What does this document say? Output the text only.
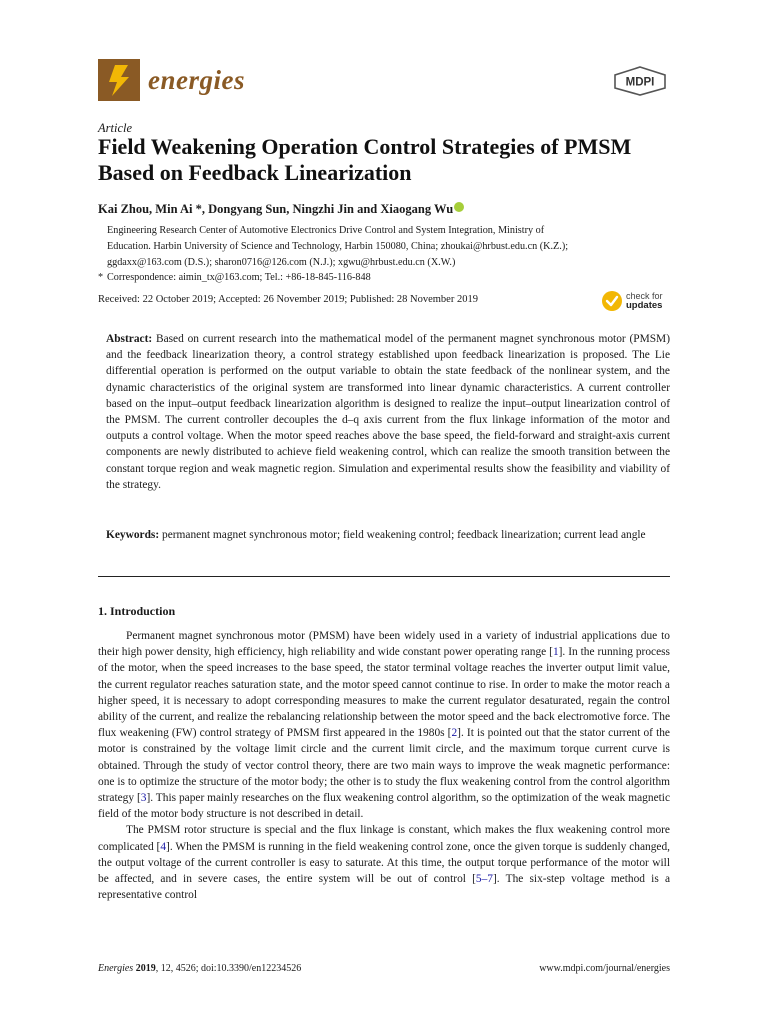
energies	MDPI
Article
Field Weakening Operation Control Strategies of PMSM Based on Feedback Linearization
Kai Zhou, Min Ai *, Dongyang Sun, Ningzhi Jin and Xiaogang Wu

Engineering Research Center of Automotive Electronics Drive Control and System Integration, Ministry of

Education. Harbin University of Science and Technology, Harbin 150080, China; zhoukai@hrbust.edu.cn (K.Z.);

ggdaxx@163.com (D.S.); sharon0716@126.com (N.J.); xgwu@hrbust.edu.cn (X.W.)

* Correspondence: aimin_tx@163.com; Tel.: +86-18-845-116-848

Received: 22 October 2019; Accepted: 26 November 2019; Published: 28 November 2019	check for
updates
Abstract: Based on current research into the mathematical model of the permanent magnet synchronous motor (PMSM) and the feedback linearization theory, a control strategy established upon feedback linearization is proposed. The Lie differential operation is performed on the output variable to obtain the state feedback of the nonlinear system, and the dynamic characteristics of the original system are transformed into linear dynamic characteristics. A current controller based on the input–output feedback linearization algorithm is designed to realize the input–output linearization control of the PMSM. The current controller decouples the d–q axis current from the flux linkage information of the motor and outputs a control voltage. When the motor speed reaches above the base speed, the field-forward and straight-axis current components are newly distributed to achieve field weakening control, which can realize the smooth transition between the constant torque region and weak magnetic region. Simulation and experimental results show the feasibility and viability of the strategy.
Keywords: permanent magnet synchronous motor; field weakening control; feedback linearization; current lead angle
1. Introduction

Permanent magnet synchronous motor (PMSM) have been widely used in a variety of industrial applications due to their high power density, high efficiency, high reliability and wide constant power operating range [1]. In the running process of the motor, when the speed increases to the base speed, the stator terminal voltage reaches the inverter output limit value, the current regulator reaches saturation state, and the motor speed cannot continue to rise. In order to make the motor reach a higher speed, it is necessary to adopt corresponding measures to make the current regulator desaturated, regain the control ability of the current, and realize the rebalancing relationship between the motor speed and the back electromotive force. The flux weakening (FW) control strategy of PMSM first appeared in the 1980s [2]. It is pointed out that the stator current of the motor is constrained by the voltage limit circle and the current limit circle, and the maximum torque current curve is obtained. Through the study of vector control theory, there are two main ways to improve the weak magnetic performance: one is to optimize the structure of the motor body; the other is to study the flux weakening control from the control algorithm strategy [3]. This paper mainly researches on the flux weakening control algorithm, so the optimization of the weak magnetic field of the motor body structure is not described in detail.

The PMSM rotor structure is special and the flux linkage is constant, which makes the flux weakening control more complicated [4]. When the PMSM is running in the field weakening control zone, once the given torque is suddenly changed, the output voltage of the current controller is easy to saturate. At this time, the output torque performance of the motor will be affected, and in severe cases, the entire system will be out of control [5–7]. The six-step voltage method is a representative control

Energies 2019, 12, 4526; doi:10.3390/en12234526	www.mdpi.com/journal/energies
